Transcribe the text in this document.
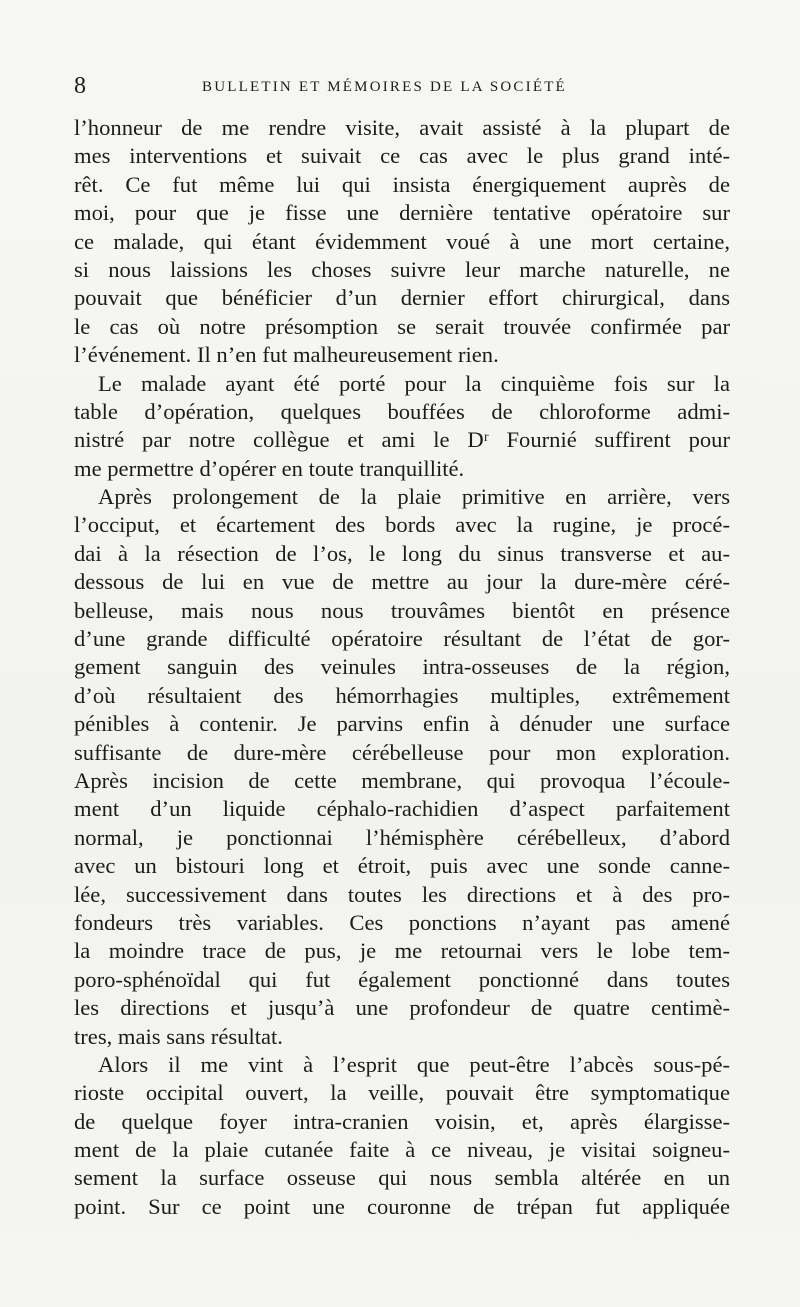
8	BULLETIN ET MÉMOIRES DE LA SOCIÉTÉ
l’honneur de me rendre visite, avait assisté à la plupart de
mes interventions et suivait ce cas avec le plus grand inté-
rêt. Ce fut même lui qui insista énergiquement auprès de
moi, pour que je fisse une dernière tentative opératoire sur
ce malade, qui étant évidemment voué à une mort certaine,
si nous laissions les choses suivre leur marche naturelle, ne
pouvait que bénéficier d’un dernier effort chirurgical, dans
le cas où notre présomption se serait trouvée confirmée par
l’événement. Il n’en fut malheureusement rien.
Le malade ayant été porté pour la cinquième fois sur la
table d’opération, quelques bouffées de chloroforme admi-
nistré par notre collègue et ami le Dʳ Fournié suffirent pour
me permettre d’opérer en toute tranquillité.
Après prolongement de la plaie primitive en arrière, vers
l’occiput, et écartement des bords avec la rugine, je procé-
dai à la résection de l’os, le long du sinus transverse et au-
dessous de lui en vue de mettre au jour la dure-mère céré-
belleuse, mais nous nous trouvâmes bientôt en présence
d’une grande difficulté opératoire résultant de l’état de gor-
gement sanguin des veinules intra-osseuses de la région,
d’où résultaient des hémorrhagies multiples, extrêmement
pénibles à contenir. Je parvins enfin à dénuder une surface
suffisante de dure-mère cérébelleuse pour mon exploration.
Après incision de cette membrane, qui provoqua l’écoule-
ment d’un liquide céphalo-rachidien d’aspect parfaitement
normal, je ponctionnai l’hémisphère cérébelleux, d’abord
avec un bistouri long et étroit, puis avec une sonde canne-
lée, successivement dans toutes les directions et à des pro-
fondeurs très variables. Ces ponctions n’ayant pas amené
la moindre trace de pus, je me retournai vers le lobe tem-
poro-sphénoïdal qui fut également ponctionné dans toutes
les directions et jusqu’à une profondeur de quatre centimè-
tres, mais sans résultat.
Alors il me vint à l’esprit que peut-être l’abcès sous-pé-
rioste occipital ouvert, la veille, pouvait être symptomatique
de quelque foyer intra-cranien voisin, et, après élargisse-
ment de la plaie cutanée faite à ce niveau, je visitai soigneu-
sement la surface osseuse qui nous sembla altérée en un
point. Sur ce point une couronne de trépan fut appliquée
